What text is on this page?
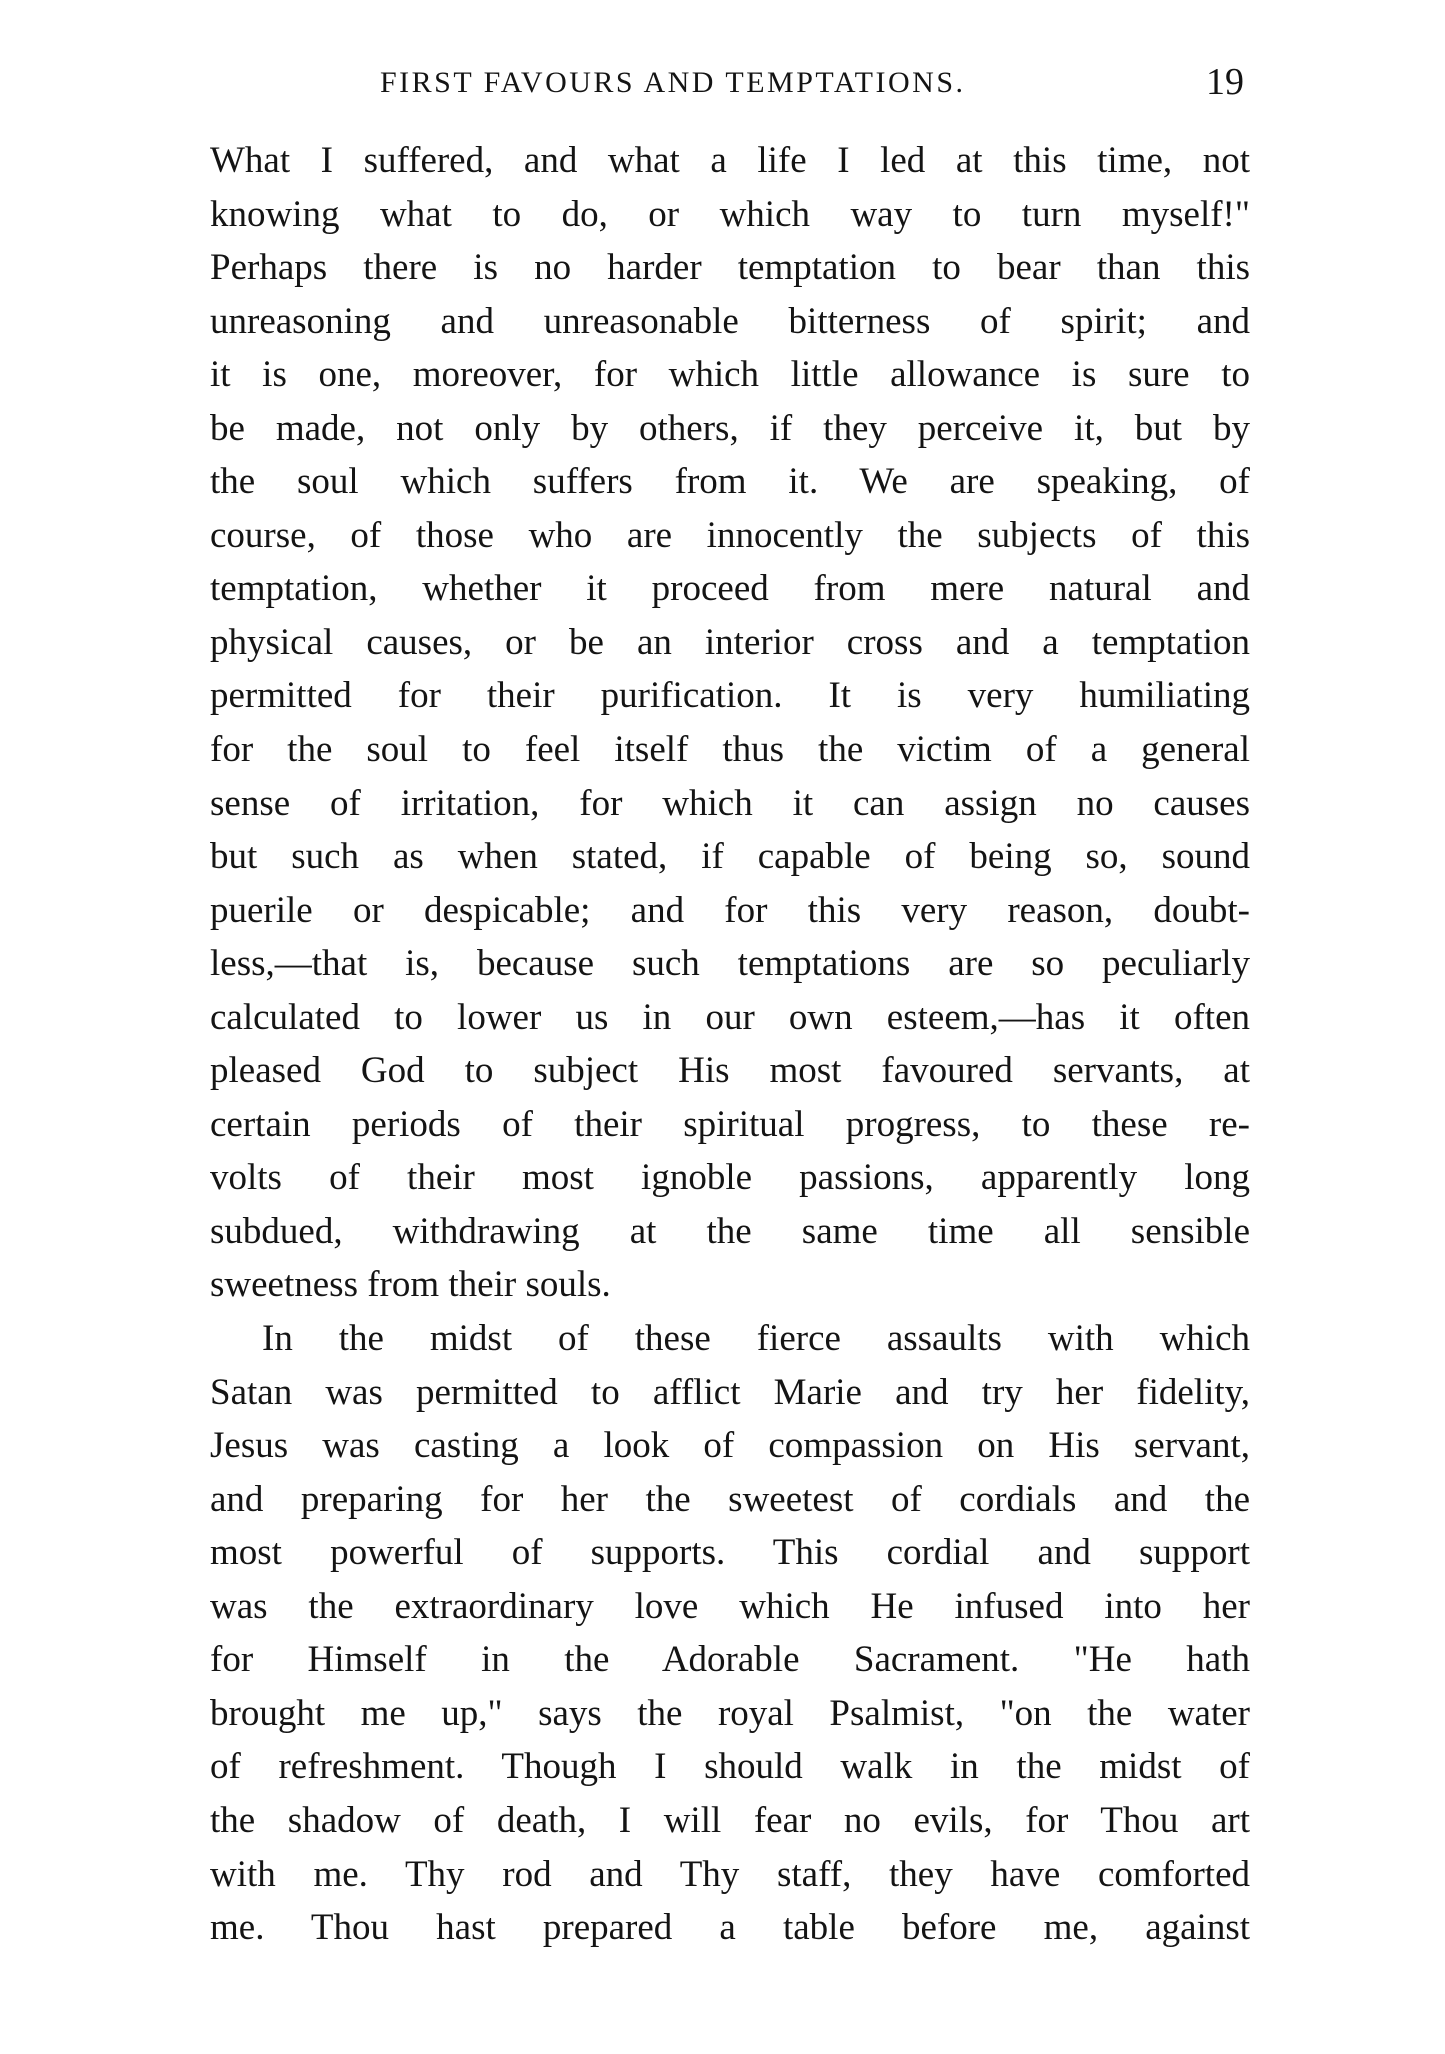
FIRST FAVOURS AND TEMPTATIONS.	19
What I suffered, and what a life I led at this time, not
knowing what to do, or which way to turn myself!"
Perhaps there is no harder temptation to bear than this
unreasoning and unreasonable bitterness of spirit; and
it is one, moreover, for which little allowance is sure to
be made, not only by others, if they perceive it, but by
the soul which suffers from it. We are speaking, of
course, of those who are innocently the subjects of this
temptation, whether it proceed from mere natural and
physical causes, or be an interior cross and a temptation
permitted for their purification. It is very humiliating
for the soul to feel itself thus the victim of a general
sense of irritation, for which it can assign no causes
but such as when stated, if capable of being so, sound
puerile or despicable; and for this very reason, doubt-
less,—that is, because such temptations are so peculiarly
calculated to lower us in our own esteem,—has it often
pleased God to subject His most favoured servants, at
certain periods of their spiritual progress, to these re-
volts of their most ignoble passions, apparently long
subdued, withdrawing at the same time all sensible
sweetness from their souls.
In the midst of these fierce assaults with which
Satan was permitted to afflict Marie and try her fidelity,
Jesus was casting a look of compassion on His servant,
and preparing for her the sweetest of cordials and the
most powerful of supports. This cordial and support
was the extraordinary love which He infused into her
for Himself in the Adorable Sacrament. "He hath
brought me up," says the royal Psalmist, "on the water
of refreshment. Though I should walk in the midst of
the shadow of death, I will fear no evils, for Thou art
with me. Thy rod and Thy staff, they have comforted
me. Thou hast prepared a table before me, against
